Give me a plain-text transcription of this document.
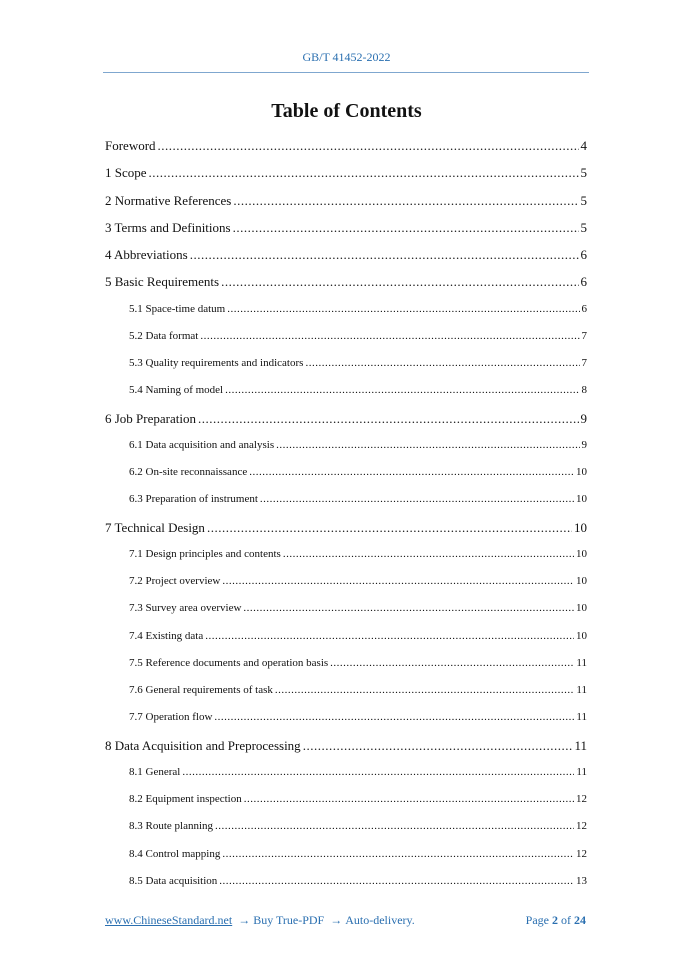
GB/T 41452-2022
Table of Contents
Foreword .....	4
1 Scope .....	5
2 Normative References .....	5
3 Terms and Definitions .....	5
4 Abbreviations .....	6
5 Basic Requirements .....	6
5.1 Space-time datum .....	6
5.2 Data format .....	7
5.3 Quality requirements and indicators .....	7
5.4 Naming of model .....	8
6 Job Preparation .....	9
6.1 Data acquisition and analysis .....	9
6.2 On-site reconnaissance .....	10
6.3 Preparation of instrument .....	10
7 Technical Design .....	10
7.1 Design principles and contents .....	10
7.2 Project overview .....	10
7.3 Survey area overview .....	10
7.4 Existing data .....	10
7.5 Reference documents and operation basis .....	11
7.6 General requirements of task .....	11
7.7 Operation flow .....	11
8 Data Acquisition and Preprocessing .....	11
8.1 General .....	11
8.2 Equipment inspection .....	12
8.3 Route planning .....	12
8.4 Control mapping .....	12
8.5 Data acquisition .....	13
www.ChineseStandard.net → Buy True-PDF → Auto-delivery.	Page 2 of 24
